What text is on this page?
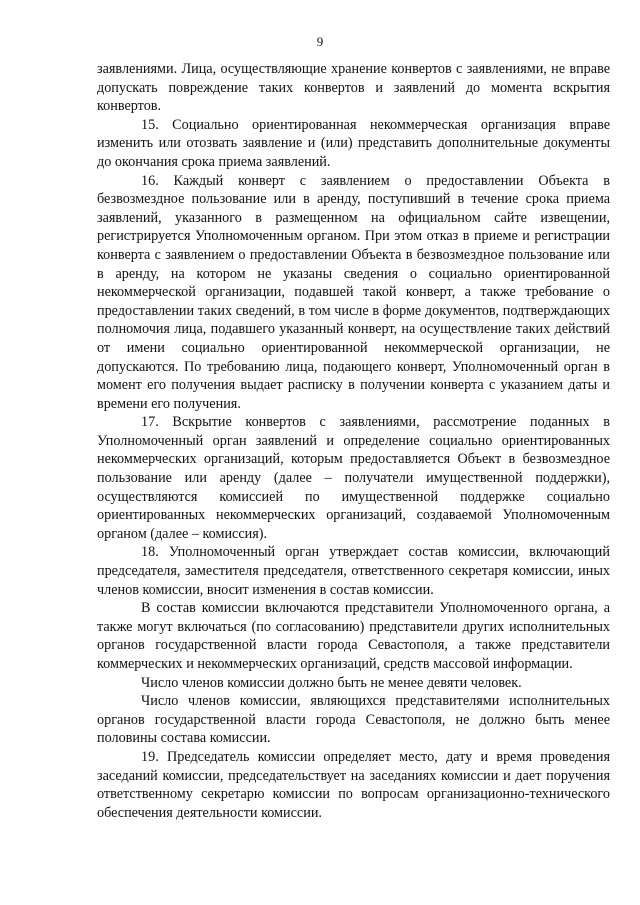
9

заявлениями. Лица, осуществляющие хранение конвертов с заявлениями, не вправе допускать повреждение таких конвертов и заявлений до момента вскрытия конвертов.

15. Социально ориентированная некоммерческая организация вправе изменить или отозвать заявление и (или) представить дополнительные документы до окончания срока приема заявлений.

16. Каждый конверт с заявлением о предоставлении Объекта в безвозмездное пользование или в аренду, поступивший в течение срока приема заявлений, указанного в размещенном на официальном сайте извещении, регистрируется Уполномоченным органом. При этом отказ в приеме и регистрации конверта с заявлением о предоставлении Объекта в безвозмездное пользование или в аренду, на котором не указаны сведения о социально ориентированной некоммерческой организации, подавшей такой конверт, а также требование о предоставлении таких сведений, в том числе в форме документов, подтверждающих полномочия лица, подавшего указанный конверт, на осуществление таких действий от имени социально ориентированной некоммерческой организации, не допускаются. По требованию лица, подающего конверт, Уполномоченный орган в момент его получения выдает расписку в получении конверта с указанием даты и времени его получения.

17. Вскрытие конвертов с заявлениями, рассмотрение поданных в Уполномоченный орган заявлений и определение социально ориентированных некоммерческих организаций, которым предоставляется Объект в безвозмездное пользование или аренду (далее – получатели имущественной поддержки), осуществляются комиссией по имущественной поддержке социально ориентированных некоммерческих организаций, создаваемой Уполномоченным органом (далее – комиссия).

18. Уполномоченный орган утверждает состав комиссии, включающий председателя, заместителя председателя, ответственного секретаря комиссии, иных членов комиссии, вносит изменения в состав комиссии.

В состав комиссии включаются представители Уполномоченного органа, а также могут включаться (по согласованию) представители других исполнительных органов государственной власти города Севастополя, а также представители коммерческих и некоммерческих организаций, средств массовой информации.

Число членов комиссии должно быть не менее девяти человек.

Число членов комиссии, являющихся представителями исполнительных органов государственной власти города Севастополя, не должно быть менее половины состава комиссии.

19. Председатель комиссии определяет место, дату и время проведения заседаний комиссии, председательствует на заседаниях комиссии и дает поручения ответственному секретарю комиссии по вопросам организационно-технического обеспечения деятельности комиссии.
